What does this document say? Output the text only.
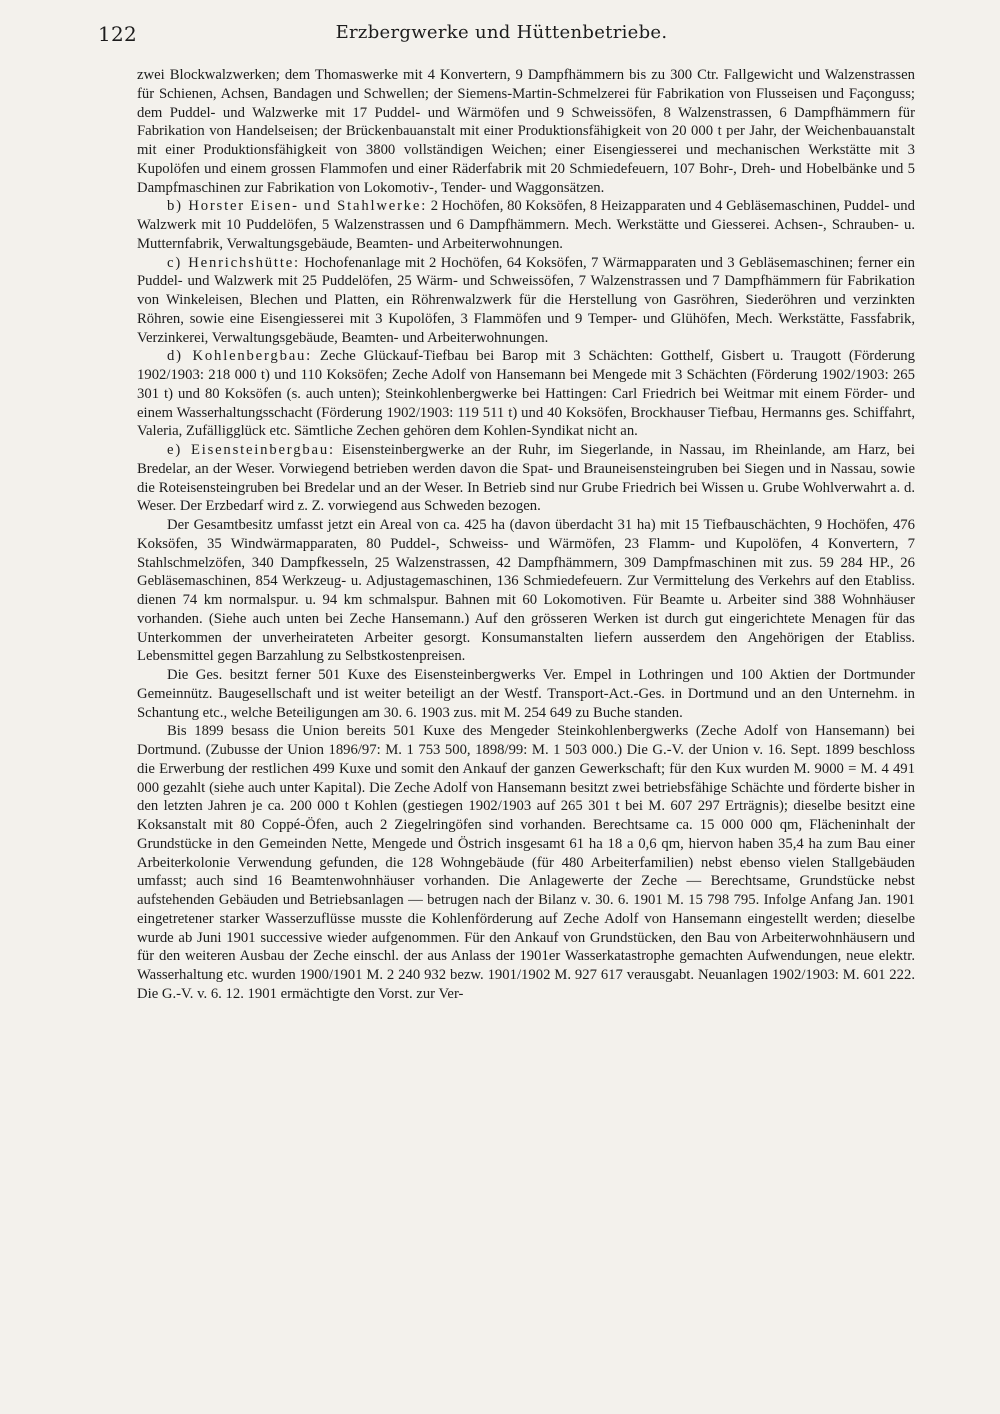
122	Erzbergwerke und Hüttenbetriebe.

zwei Blockwalzwerken; dem Thomaswerke mit 4 Konvertern, 9 Dampfhämmern bis zu 300 Ctr. Fallgewicht und Walzenstrassen für Schienen, Achsen, Bandagen und Schwellen; der Siemens-Martin-Schmelzerei für Fabrikation von Flusseisen und Façonguss; dem Puddel- und Walzwerke mit 17 Puddel- und Wärmöfen und 9 Schweissöfen, 8 Walzenstrassen, 6 Dampfhämmern für Fabrikation von Handelseisen; der Brückenbauanstalt mit einer Produktionsfähigkeit von 20 000 t per Jahr, der Weichenbauanstalt mit einer Produktionsfähigkeit von 3800 vollständigen Weichen; einer Eisengiesserei und mechanischen Werkstätte mit 3 Kupolöfen und einem grossen Flammofen und einer Räderfabrik mit 20 Schmiedefeuern, 107 Bohr-, Dreh- und Hobelbänke und 5 Dampfmaschinen zur Fabrikation von Lokomotiv-, Tender- und Waggonsätzen.

b) Horster Eisen- und Stahlwerke: 2 Hochöfen, 80 Koksöfen, 8 Heizapparaten und 4 Gebläsemaschinen, Puddel- und Walzwerk mit 10 Puddelöfen, 5 Walzenstrassen und 6 Dampfhämmern. Mech. Werkstätte und Giesserei. Achsen-, Schrauben- u. Mutternfabrik, Verwaltungsgebäude, Beamten- und Arbeiterwohnungen.

c) Henrichshütte: Hochofenanlage mit 2 Hochöfen, 64 Koksöfen, 7 Wärmapparaten und 3 Gebläsemaschinen; ferner ein Puddel- und Walzwerk mit 25 Puddelöfen, 25 Wärm- und Schweissöfen, 7 Walzenstrassen und 7 Dampfhämmern für Fabrikation von Winkeleisen, Blechen und Platten, ein Röhrenwalzwerk für die Herstellung von Gasröhren, Siederöhren und verzinkten Röhren, sowie eine Eisengiesserei mit 3 Kupolöfen, 3 Flammöfen und 9 Temper- und Glühöfen, Mech. Werkstätte, Fassfabrik, Verzinkerei, Verwaltungsgebäude, Beamten- und Arbeiterwohnungen.

d) Kohlenbergbau: Zeche Glückauf-Tiefbau bei Barop mit 3 Schächten: Gotthelf, Gisbert u. Traugott (Förderung 1902/1903: 218 000 t) und 110 Koksöfen; Zeche Adolf von Hansemann bei Mengede mit 3 Schächten (Förderung 1902/1903: 265 301 t) und 80 Koksöfen (s. auch unten); Steinkohlenbergwerke bei Hattingen: Carl Friedrich bei Weitmar mit einem Förder- und einem Wasserhaltungsschacht (Förderung 1902/1903: 119 511 t) und 40 Koksöfen, Brockhauser Tiefbau, Hermanns ges. Schiffahrt, Valeria, Zufälligglück etc. Sämtliche Zechen gehören dem Kohlen-Syndikat nicht an.

e) Eisensteinbergbau: Eisensteinbergwerke an der Ruhr, im Siegerlande, in Nassau, im Rheinlande, am Harz, bei Bredelar, an der Weser. Vorwiegend betrieben werden davon die Spat- und Brauneisensteingruben bei Siegen und in Nassau, sowie die Roteisensteingruben bei Bredelar und an der Weser. In Betrieb sind nur Grube Friedrich bei Wissen u. Grube Wohlverwahrt a. d. Weser. Der Erzbedarf wird z. Z. vorwiegend aus Schweden bezogen.

Der Gesamtbesitz umfasst jetzt ein Areal von ca. 425 ha (davon überdacht 31 ha) mit 15 Tiefbauschächten, 9 Hochöfen, 476 Koksöfen, 35 Windwärmapparaten, 80 Puddel-, Schweiss- und Wärmöfen, 23 Flamm- und Kupolöfen, 4 Konvertern, 7 Stahlschmelzöfen, 340 Dampfkesseln, 25 Walzenstrassen, 42 Dampfhämmern, 309 Dampfmaschinen mit zus. 59 284 HP., 26 Gebläsemaschinen, 854 Werkzeug- u. Adjustagemaschinen, 136 Schmiedefeuern. Zur Vermittelung des Verkehrs auf den Etabliss. dienen 74 km normalspur. u. 94 km schmalspur. Bahnen mit 60 Lokomotiven. Für Beamte u. Arbeiter sind 388 Wohnhäuser vorhanden. (Siehe auch unten bei Zeche Hansemann.) Auf den grösseren Werken ist durch gut eingerichtete Menagen für das Unterkommen der unverheirateten Arbeiter gesorgt. Konsumanstalten liefern ausserdem den Angehörigen der Etabliss. Lebensmittel gegen Barzahlung zu Selbstkostenpreisen.

Die Ges. besitzt ferner 501 Kuxe des Eisensteinbergwerks Ver. Empel in Lothringen und 100 Aktien der Dortmunder Gemeinnütz. Baugesellschaft und ist weiter beteiligt an der Westf. Transport-Act.-Ges. in Dortmund und an den Unternehm. in Schantung etc., welche Beteiligungen am 30. 6. 1903 zus. mit M. 254 649 zu Buche standen.

Bis 1899 besass die Union bereits 501 Kuxe des Mengeder Steinkohlenbergwerks (Zeche Adolf von Hansemann) bei Dortmund. (Zubusse der Union 1896/97: M. 1 753 500, 1898/99: M. 1 503 000.) Die G.-V. der Union v. 16. Sept. 1899 beschloss die Erwerbung der restlichen 499 Kuxe und somit den Ankauf der ganzen Gewerkschaft; für den Kux wurden M. 9000 = M. 4 491 000 gezahlt (siehe auch unter Kapital). Die Zeche Adolf von Hansemann besitzt zwei betriebsfähige Schächte und förderte bisher in den letzten Jahren je ca. 200 000 t Kohlen (gestiegen 1902/1903 auf 265 301 t bei M. 607 297 Erträgnis); dieselbe besitzt eine Koksanstalt mit 80 Coppé-Öfen, auch 2 Ziegelringöfen sind vorhanden. Berechtsame ca. 15 000 000 qm, Flächeninhalt der Grundstücke in den Gemeinden Nette, Mengede und Östrich insgesamt 61 ha 18 a 0,6 qm, hiervon haben 35,4 ha zum Bau einer Arbeiterkolonie Verwendung gefunden, die 128 Wohngebäude (für 480 Arbeiterfamilien) nebst ebenso vielen Stallgebäuden umfasst; auch sind 16 Beamtenwohnhäuser vorhanden. Die Anlagewerte der Zeche — Berechtsame, Grundstücke nebst aufstehenden Gebäuden und Betriebsanlagen — betrugen nach der Bilanz v. 30. 6. 1901 M. 15 798 795. Infolge Anfang Jan. 1901 eingetretener starker Wasserzuflüsse musste die Kohlenförderung auf Zeche Adolf von Hansemann eingestellt werden; dieselbe wurde ab Juni 1901 successive wieder aufgenommen. Für den Ankauf von Grundstücken, den Bau von Arbeiterwohnhäusern und für den weiteren Ausbau der Zeche einschl. der aus Anlass der 1901er Wasserkatastrophe gemachten Aufwendungen, neue elektr. Wasserhaltung etc. wurden 1900/1901 M. 2 240 932 bezw. 1901/1902 M. 927 617 verausgabt. Neuanlagen 1902/1903: M. 601 222. Die G.-V. v. 6. 12. 1901 ermächtigte den Vorst. zur Ver-
